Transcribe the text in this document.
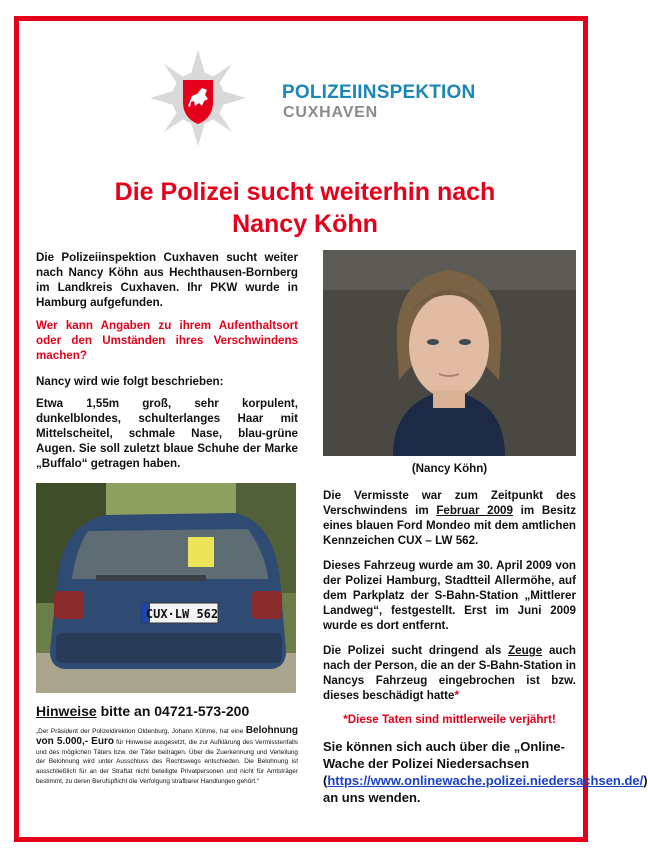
POLIZEIINSPEKTION
CUXHAVEN
Die Polizei sucht weiterhin nach
Nancy Köhn
Die Polizeiinspektion Cuxhaven sucht weiter nach Nancy Köhn aus Hechthausen-Bornberg im Landkreis Cuxhaven. Ihr PKW wurde in Hamburg aufgefunden.
Wer kann Angaben zu ihrem Aufenthaltsort oder den Umständen ihres Verschwindens machen?
Nancy wird wie folgt beschrieben:
Etwa 1,55m groß, sehr korpulent, dunkelblondes, schulterlanges Haar mit Mittelscheitel, schmale Nase, blau-grüne Augen. Sie soll zuletzt blaue Schuhe der Marke „Buffalo“ getragen haben.
CUX·LW 562
Hinweise bitte an 04721-573-200
„Der Präsident der Polizeidirektion Oldenburg, Johann Kühme, hat eine Belohnung von 5.000,- Euro für Hinweise ausgesetzt, die zur Aufklärung des Vermisstenfalls und des möglichen Täters bzw. der Täter beitragen. Über die Zuerkennung und Verteilung der Belohnung wird unter Ausschluss des Rechtswegs entschieden. Die Belohnung ist ausschließlich für an der Straftat nicht beteiligte Privatpersonen und nicht für Amtsträger bestimmt, zu deren Berufspflicht die Verfolgung strafbarer Handlungen gehört.“
(Nancy Köhn)
Die Vermisste war zum Zeitpunkt des Verschwindens im Februar 2009 im Besitz eines blauen Ford Mondeo mit dem amtlichen Kennzeichen CUX – LW 562.
Dieses Fahrzeug wurde am 30. April 2009 von der Polizei Hamburg, Stadtteil Allermöhe, auf dem Parkplatz der S-Bahn-Station „Mittlerer Landweg“, festgestellt. Erst im Juni 2009 wurde es dort entfernt.
Die Polizei sucht dringend als Zeuge auch nach der Person, die an der S-Bahn-Station in Nancys Fahrzeug eingebrochen ist bzw. dieses beschädigt hatte*
*Diese Taten sind mittlerweile verjährt!
Sie können sich auch über die „Online-Wache der Polizei Niedersachsen (https://www.onlinewache.polizei.niedersachsen.de/) an uns wenden.
